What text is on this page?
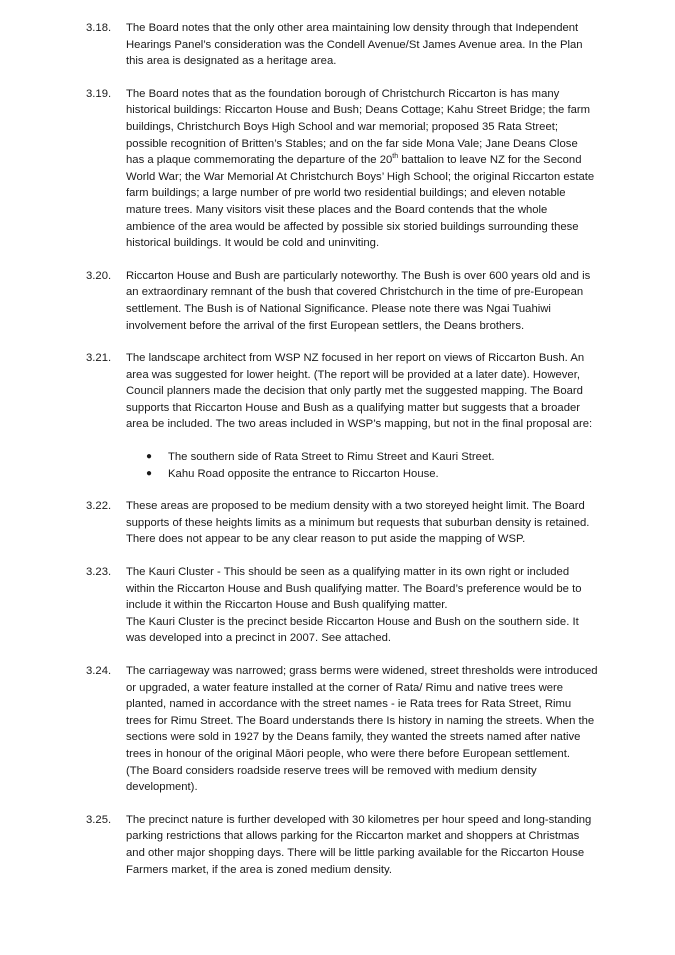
3.18. The Board notes that the only other area maintaining low density through that Independent Hearings Panel’s consideration was the Condell Avenue/St James Avenue area. In the Plan this area is designated as a heritage area.

3.19. The Board notes that as the foundation borough of Christchurch Riccarton is has many historical buildings: Riccarton House and Bush; Deans Cottage; Kahu Street Bridge; the farm buildings, Christchurch Boys High School and war memorial; proposed 35 Rata Street; possible recognition of Britten’s Stables; and on the far side Mona Vale; Jane Deans Close has a plaque commemorating the departure of the 20th battalion to leave NZ for the Second World War; the War Memorial At Christchurch Boys’ High School; the original Riccarton estate farm buildings; a large number of pre world two residential buildings; and eleven notable mature trees. Many visitors visit these places and the Board contends that the whole ambience of the area would be affected by possible six storied buildings surrounding these historical buildings. It would be cold and uninviting.

3.20. Riccarton House and Bush are particularly noteworthy. The Bush is over 600 years old and is an extraordinary remnant of the bush that covered Christchurch in the time of pre-European settlement. The Bush is of National Significance. Please note there was Ngai Tuahiwi involvement before the arrival of the first European settlers, the Deans brothers.

3.21. The landscape architect from WSP NZ focused in her report on views of Riccarton Bush. An area was suggested for lower height. (The report will be provided at a later date). However, Council planners made the decision that only partly met the suggested mapping. The Board supports that Riccarton House and Bush as a qualifying matter but suggests that a broader area be included. The two areas included in WSP’s mapping, but not in the final proposal are:

● The southern side of Rata Street to Rimu Street and Kauri Street.
● Kahu Road opposite the entrance to Riccarton House.
3.22. These areas are proposed to be medium density with a two storeyed height limit. The Board supports of these heights limits as a minimum but requests that suburban density is retained. There does not appear to be any clear reason to put aside the mapping of WSP.

3.23. The Kauri Cluster - This should be seen as a qualifying matter in its own right or included within the Riccarton House and Bush qualifying matter. The Board’s preference would be to include it within the Riccarton House and Bush qualifying matter.

The Kauri Cluster is the precinct beside Riccarton House and Bush on the southern side. It was developed into a precinct in 2007. See attached.

3.24. The carriageway was narrowed; grass berms were widened, street thresholds were introduced or upgraded, a water feature installed at the corner of Rata/ Rimu and native trees were planted, named in accordance with the street names - ie Rata trees for Rata Street, Rimu trees for Rimu Street. The Board understands there Is history in naming the streets. When the sections were sold in 1927 by the Deans family, they wanted the streets named after native trees in honour of the original Māori people, who were there before European settlement.

(The Board considers roadside reserve trees will be removed with medium density development).

3.25. The precinct nature is further developed with 30 kilometres per hour speed and long-standing parking restrictions that allows parking for the Riccarton market and shoppers at Christmas and other major shopping days. There will be little parking available for the Riccarton House Farmers market, if the area is zoned medium density.
